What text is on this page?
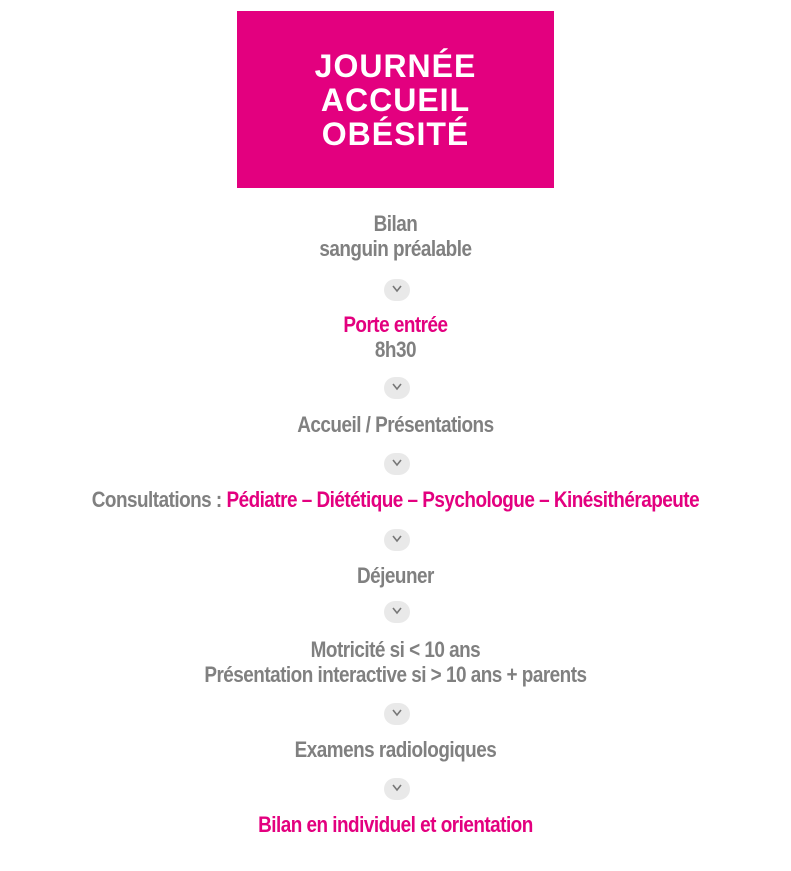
JOURNÉE
ACCUEIL
OBÉSITÉ
Bilan
sanguin préalable
Porte entrée
8h30
Accueil / Présentations
Consultations : Pédiatre – Diététique – Psychologue – Kinésithérapeute
Déjeuner
Motricité si < 10 ans
Présentation interactive si > 10 ans + parents
Examens radiologiques
Bilan en individuel et orientation
